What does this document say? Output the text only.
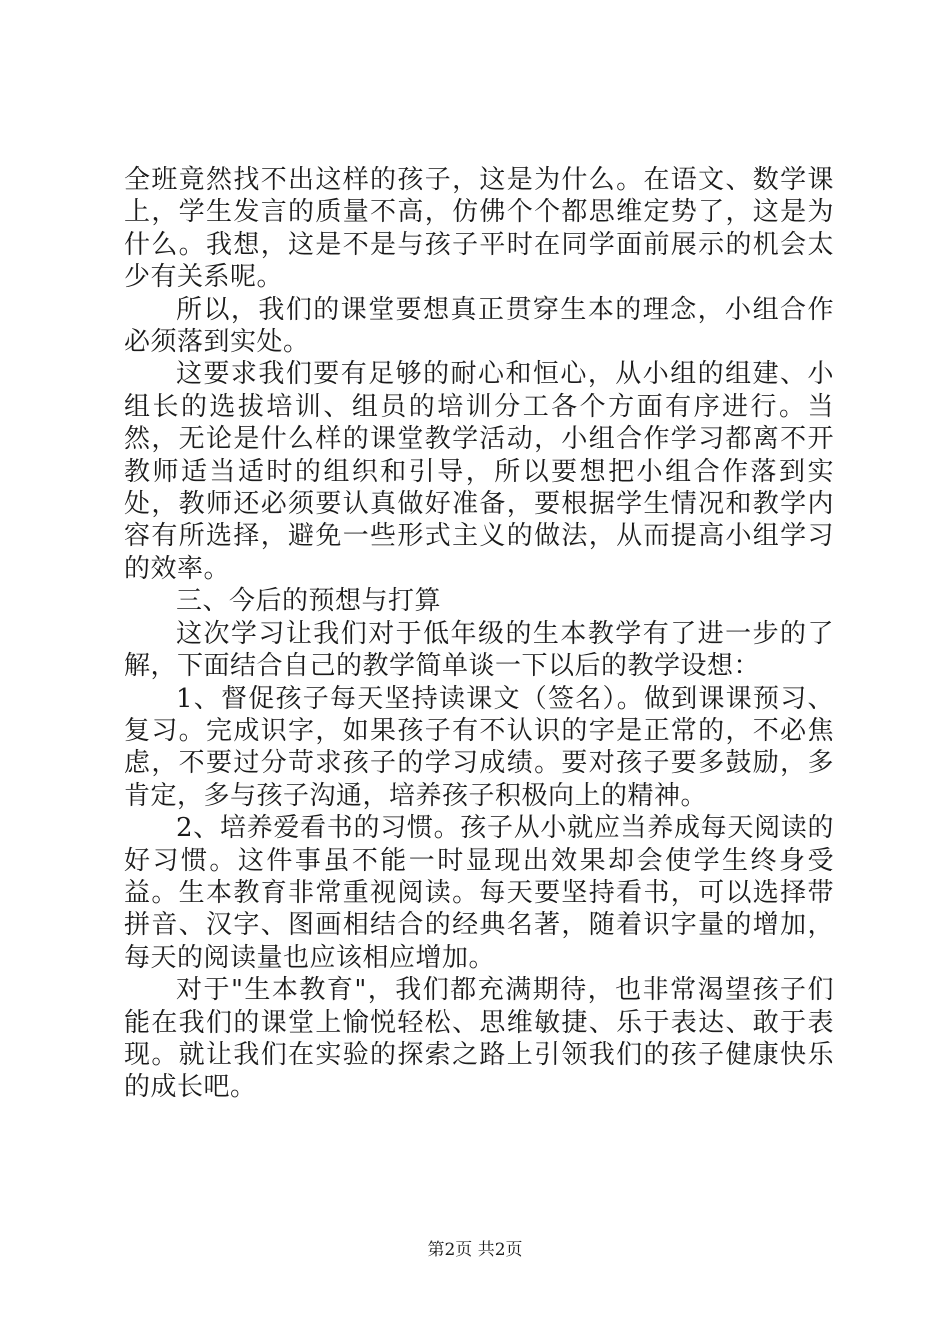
全班竟然找不出这样的孩子，这是为什么。在语文、数学课上，学生发言的质量不高，仿佛个个都思维定势了，这是为什么。我想，这是不是与孩子平时在同学面前展示的机会太少有关系呢。

所以，我们的课堂要想真正贯穿生本的理念，小组合作必须落到实处。

这要求我们要有足够的耐心和恒心，从小组的组建、小组长的选拔培训、组员的培训分工各个方面有序进行。当然，无论是什么样的课堂教学活动，小组合作学习都离不开教师适当适时的组织和引导，所以要想把小组合作落到实处，教师还必须要认真做好准备，要根据学生情况和教学内容有所选择，避免一些形式主义的做法，从而提高小组学习的效率。

三、今后的预想与打算

这次学习让我们对于低年级的生本教学有了进一步的了解，下面结合自己的教学简单谈一下以后的教学设想：

1、督促孩子每天坚持读课文（签名）。做到课课预习、复习。完成识字，如果孩子有不认识的字是正常的，不必焦虑，不要过分苛求孩子的学习成绩。要对孩子要多鼓励，多肯定，多与孩子沟通，培养孩子积极向上的精神。

2、培养爱看书的习惯。孩子从小就应当养成每天阅读的好习惯。这件事虽不能一时显现出效果却会使学生终身受益。生本教育非常重视阅读。每天要坚持看书，可以选择带拼音、汉字、图画相结合的经典名著，随着识字量的增加，每天的阅读量也应该相应增加。

对于"生本教育"，我们都充满期待，也非常渴望孩子们能在我们的课堂上愉悦轻松、思维敏捷、乐于表达、敢于表现。就让我们在实验的探索之路上引领我们的孩子健康快乐的成长吧。

第2页 共2页
